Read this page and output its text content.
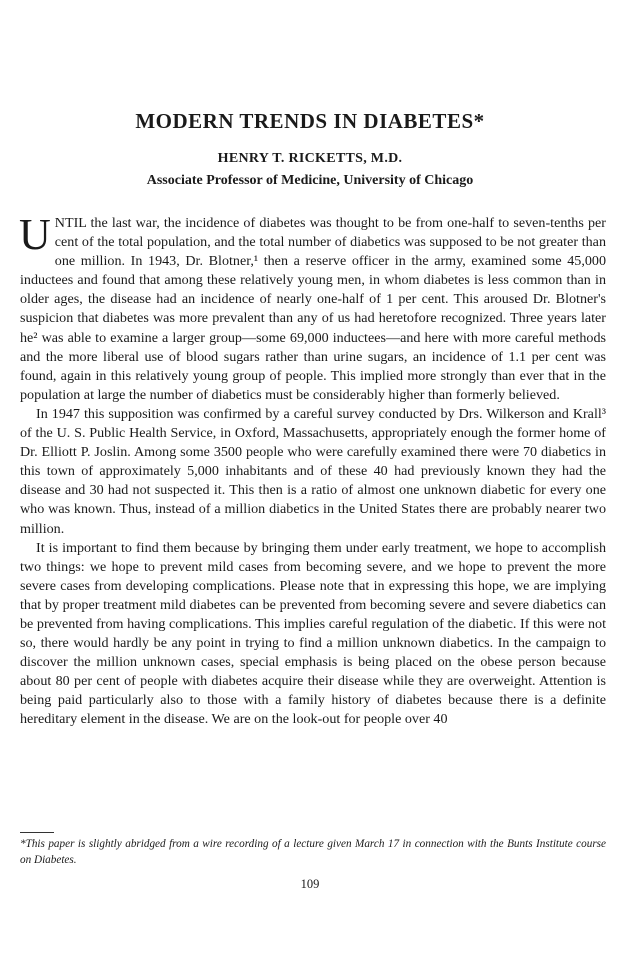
MODERN TRENDS IN DIABETES*
HENRY T. RICKETTS, M.D.
Associate Professor of Medicine, University of Chicago

UNTIL the last war, the incidence of diabetes was thought to be from one-half to seven-tenths per cent of the total population, and the total number of diabetics was supposed to be not greater than one million. In 1943, Dr. Blotner,¹ then a reserve officer in the army, examined some 45,000 inductees and found that among these relatively young men, in whom diabetes is less common than in older ages, the disease had an incidence of nearly one-half of 1 per cent. This aroused Dr. Blotner's suspicion that diabetes was more prevalent than any of us had heretofore recognized. Three years later he² was able to examine a larger group—some 69,000 inductees—and here with more careful methods and the more liberal use of blood sugars rather than urine sugars, an incidence of 1.1 per cent was found, again in this relatively young group of people. This implied more strongly than ever that in the population at large the number of diabetics must be considerably higher than formerly believed.

In 1947 this supposition was confirmed by a careful survey conducted by Drs. Wilkerson and Krall³ of the U. S. Public Health Service, in Oxford, Massachusetts, appropriately enough the former home of Dr. Elliott P. Joslin. Among some 3500 people who were carefully examined there were 70 diabetics in this town of approximately 5,000 inhabitants and of these 40 had previously known they had the disease and 30 had not suspected it. This then is a ratio of almost one unknown diabetic for every one who was known. Thus, instead of a million diabetics in the United States there are probably nearer two million.

It is important to find them because by bringing them under early treatment, we hope to accomplish two things: we hope to prevent mild cases from becoming severe, and we hope to prevent the more severe cases from developing complications. Please note that in expressing this hope, we are implying that by proper treatment mild diabetes can be prevented from becoming severe and severe diabetics can be prevented from having complications. This implies careful regulation of the diabetic. If this were not so, there would hardly be any point in trying to find a million unknown diabetics. In the campaign to discover the million unknown cases, special emphasis is being placed on the obese person because about 80 per cent of people with diabetes acquire their disease while they are overweight. Attention is being paid particularly also to those with a family history of diabetes because there is a definite hereditary element in the disease. We are on the look-out for people over 40

*This paper is slightly abridged from a wire recording of a lecture given March 17 in connection with the Bunts Institute course on Diabetes.
109
